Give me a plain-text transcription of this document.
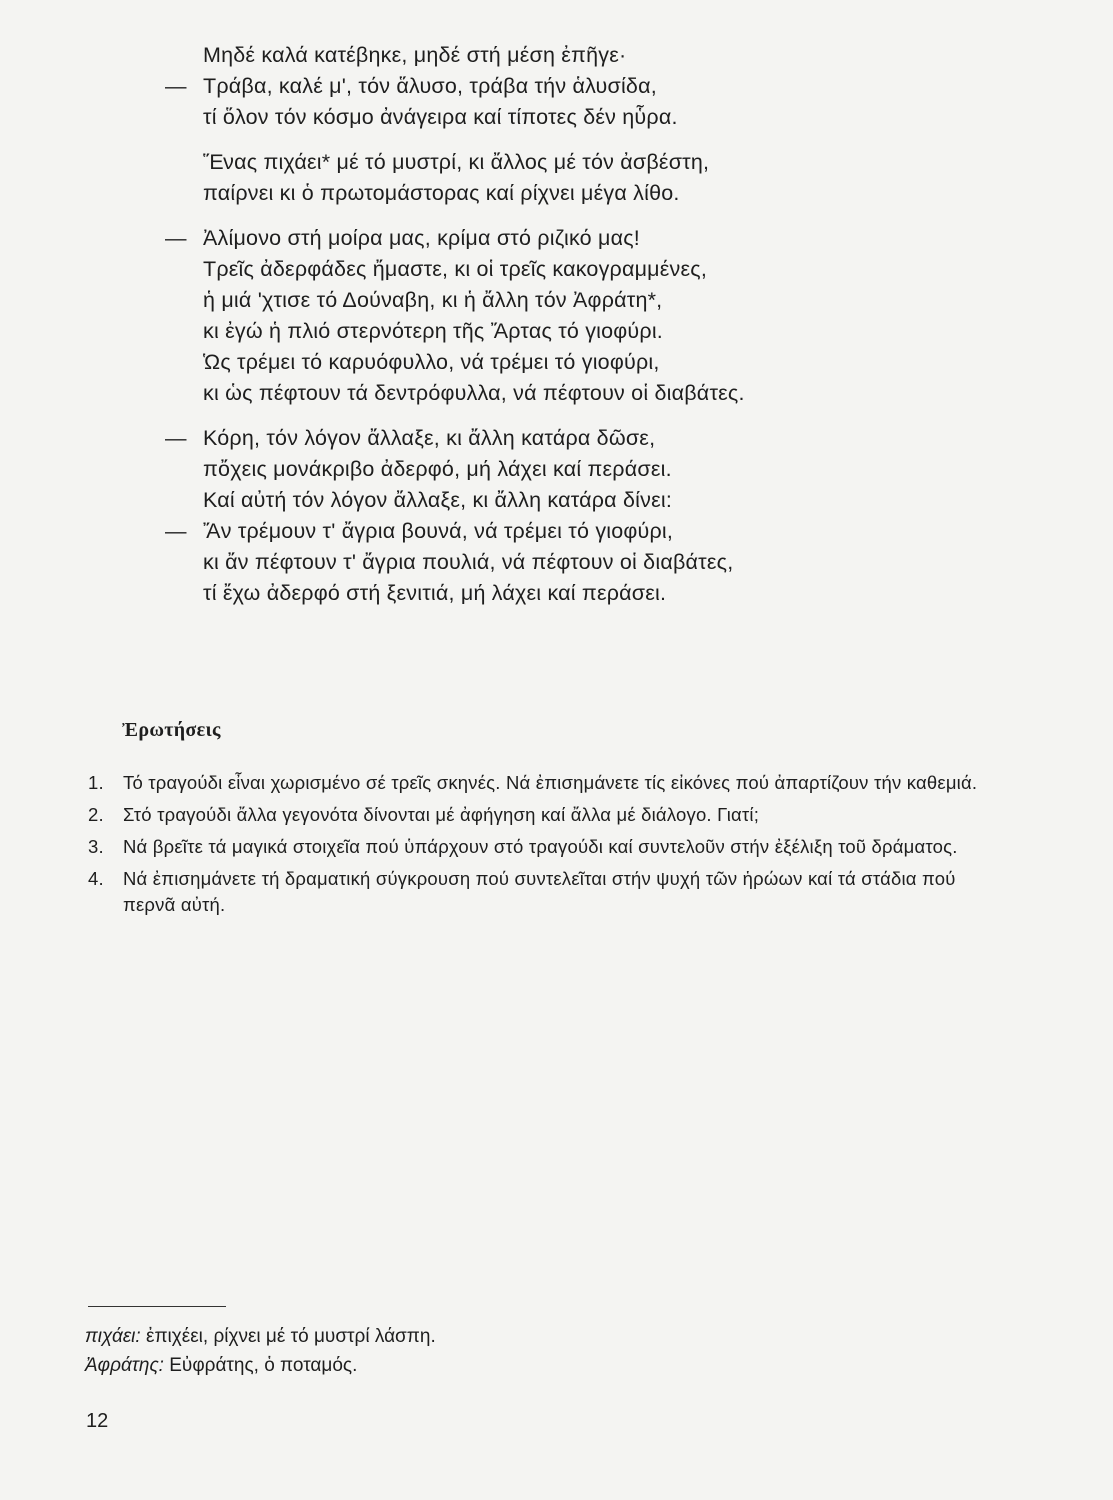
Μηδέ καλά κατέβηκε, μηδέ στή μέση ἐπῆγε·
— Τράβα, καλέ μ', τόν ἅλυσο, τράβα τήν ἁλυσίδα,
τί ὅλον τόν κόσμο ἀνάγειρα καί τίποτες δέν ηὗρα.
Ἕνας πιχάει* μέ τό μυστρί, κι ἄλλος μέ τόν ἀσβέστη,
παίρνει κι ὁ πρωτομάστορας καί ρίχνει μέγα λίθο.
— Ἀλίμονο στή μοίρα μας, κρίμα στό ριζικό μας!
Τρεῖς ἀδερφάδες ἤμαστε, κι οἱ τρεῖς κακογραμμένες,
ἡ μιά 'χτισε τό Δούναβη, κι ἡ ἄλλη τόν Ἀφράτη*,
κι ἐγώ ἡ πλιό στερνότερη τῆς Ἄρτας τό γιοφύρι.
Ὡς τρέμει τό καρυόφυλλο, νά τρέμει τό γιοφύρι,
κι ὡς πέφτουν τά δεντρόφυλλα, νά πέφτουν οἱ διαβάτες.
— Κόρη, τόν λόγον ἄλλαξε, κι ἄλλη κατάρα δῶσε,
πὄχεις μονάκριβο ἀδερφό, μή λάχει καί περάσει.
Καί αὐτή τόν λόγον ἄλλαξε, κι ἄλλη κατάρα δίνει:
— Ἄν τρέμουν τ' ἄγρια βουνά, νά τρέμει τό γιοφύρι,
κι ἄν πέφτουν τ' ἄγρια πουλιά, νά πέφτουν οἱ διαβάτες,
τί ἔχω ἀδερφό στή ξενιτιά, μή λάχει καί περάσει.
Ἐρωτήσεις
1. Τό τραγούδι εἶναι χωρισμένο σέ τρεῖς σκηνές. Νά ἐπισημάνετε τίς εἰκόνες πού ἀπαρτίζουν τήν καθεμιά.
2. Στό τραγούδι ἄλλα γεγονότα δίνονται μέ ἀφήγηση καί ἄλλα μέ διάλογο. Γιατί;
3. Νά βρεῖτε τά μαγικά στοιχεῖα πού ὑπάρχουν στό τραγούδι καί συντελοῦν στήν ἐξέλιξη τοῦ δράματος.
4. Νά ἐπισημάνετε τή δραματική σύγκρουση πού συντελεῖται στήν ψυχή τῶν ἡρώων καί τά στάδια πού περνᾶ αὐτή.
πιχάει: ἐπιχέει, ρίχνει μέ τό μυστρί λάσπη.
Ἀφράτης: Εὐφράτης, ὁ ποταμός.
12
